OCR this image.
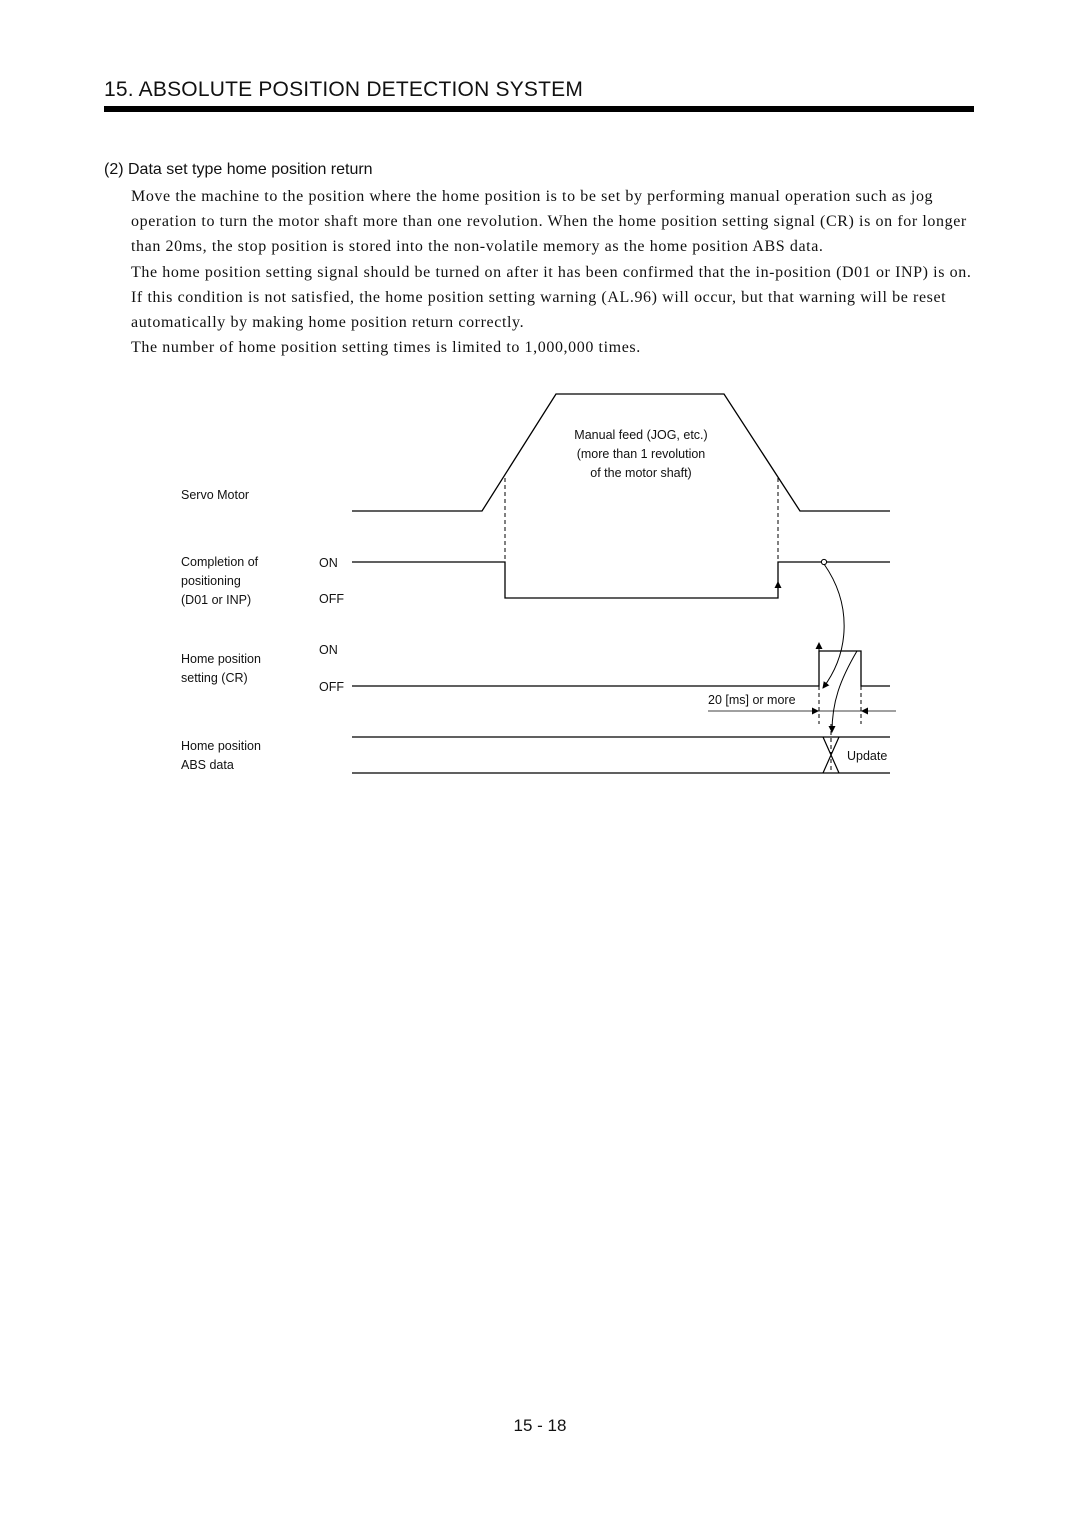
15. ABSOLUTE POSITION DETECTION SYSTEM
(2) Data set type home position return

Move the machine to the position where the home position is to be set by performing manual operation such as jog operation to turn the motor shaft more than one revolution. When the home position setting signal (CR) is on for longer than 20ms, the stop position is stored into the non-volatile memory as the home position ABS data.

The home position setting signal should be turned on after it has been confirmed that the in-position (D01 or INP) is on. If this condition is not satisfied, the home position setting warning (AL.96) will occur, but that warning will be reset automatically by making home position return correctly.

The number of home position setting times is limited to 1,000,000 times.

Manual feed (JOG, etc.)
(more than 1 revolution
of the motor shaft)
Servo Motor
Completion of
positioning
(D01 or INP)
ON
OFF
Home position
setting (CR)
ON
OFF
20 [ms] or more
Home position
ABS data
Update
15 - 18
